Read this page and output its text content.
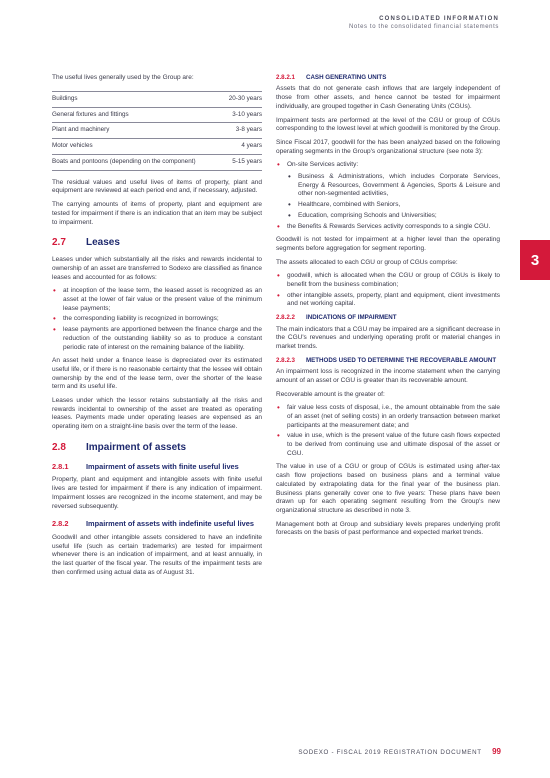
CONSOLIDATED INFORMATION
Notes to the consolidated financial statements

The useful lives generally used by the Group are:

Buildings	20-30 years
General fixtures and fittings	3-10 years
Plant and machinery	3-8 years
Motor vehicles	4 years
Boats and pontoons (depending on the component)	5-15 years

The residual values and useful lives of items of property, plant and equipment are reviewed at each period end and, if necessary, adjusted.

The carrying amounts of items of property, plant and equipment are tested for impairment if there is an indication that an item may be subject to impairment.

2.7	Leases

Leases under which substantially all the risks and rewards incidental to ownership of an asset are transferred to Sodexo are classified as finance leases and accounted for as follows:

• at inception of the lease term, the leased asset is recognized as an asset at the lower of fair value or the present value of the minimum lease payments;
• the corresponding liability is recognized in borrowings;
• lease payments are apportioned between the finance charge and the reduction of the outstanding liability so as to produce a constant periodic rate of interest on the remaining balance of the liability.

An asset held under a finance lease is depreciated over its estimated useful life, or if there is no reasonable certainty that the lessee will obtain ownership by the end of the lease term, over the shorter of the lease term and its useful life.

Leases under which the lessor retains substantially all the risks and rewards incidental to ownership of the asset are treated as operating leases. Payments made under operating leases are expensed as an operating item on a straight-line basis over the term of the lease.

2.8	Impairment of assets
2.8.1	Impairment of assets with finite useful lives

Property, plant and equipment and intangible assets with finite useful lives are tested for impairment if there is any indication of impairment. Impairment losses are recognized in the income statement, and may be reversed subsequently.

2.8.2	Impairment of assets with indefinite useful lives

Goodwill and other intangible assets considered to have an indefinite useful life (such as certain trademarks) are tested for impairment whenever there is an indication of impairment, and at least annually, in the last quarter of the fiscal year. The results of the impairment tests are then confirmed using actual data as of August 31.

2.8.2.1	CASH GENERATING UNITS

Assets that do not generate cash inflows that are largely independent of those from other assets, and hence cannot be tested for impairment individually, are grouped together in Cash Generating Units (CGUs).

Impairment tests are performed at the level of the CGU or group of CGUs corresponding to the lowest level at which goodwill is monitored by the Group.

Since Fiscal 2017, goodwill for the has been analyzed based on the following operating segments in the Group's organizational structure (see note 3):

• On-site Services activity:
• Business & Administrations, which includes Corporate Services, Energy & Resources, Government & Agencies, Sports & Leisure and other non-segmented activities,
• Healthcare, combined with Seniors,
• Education, comprising Schools and Universities;
• the Benefits & Rewards Services activity corresponds to a single CGU.

Goodwill is not tested for impairment at a higher level than the operating segments before aggregation for segment reporting.

The assets allocated to each CGU or group of CGUs comprise:

• goodwill, which is allocated when the CGU or group of CGUs is likely to benefit from the business combination;
• other intangible assets, property, plant and equipment, client investments and net working capital.
2.8.2.2	INDICATIONS OF IMPAIRMENT

The main indicators that a CGU may be impaired are a significant decrease in the CGU's revenues and underlying operating profit or material changes in market trends.

2.8.2.3	METHODS USED TO DETERMINE THE RECOVERABLE AMOUNT

An impairment loss is recognized in the income statement when the carrying amount of an asset or CGU is greater than its recoverable amount.

Recoverable amount is the greater of:

• fair value less costs of disposal, i.e., the amount obtainable from the sale of an asset (net of selling costs) in an orderly transaction between market participants at the measurement date; and
• value in use, which is the present value of the future cash flows expected to be derived from continuing use and ultimate disposal of the asset or CGU.

The value in use of a CGU or group of CGUs is estimated using after-tax cash flow projections based on business plans and a terminal value calculated by extrapolating data for the final year of the business plan. Business plans generally cover one to five years: These plans have been drawn up for each operating segment resulting from the Group's new organizational structure as described in note 3.

Management both at Group and subsidiary levels prepares underlying profit forecasts on the basis of past performance and expected market trends.

3
SODEXO - FISCAL 2019 REGISTRATION DOCUMENT 99
